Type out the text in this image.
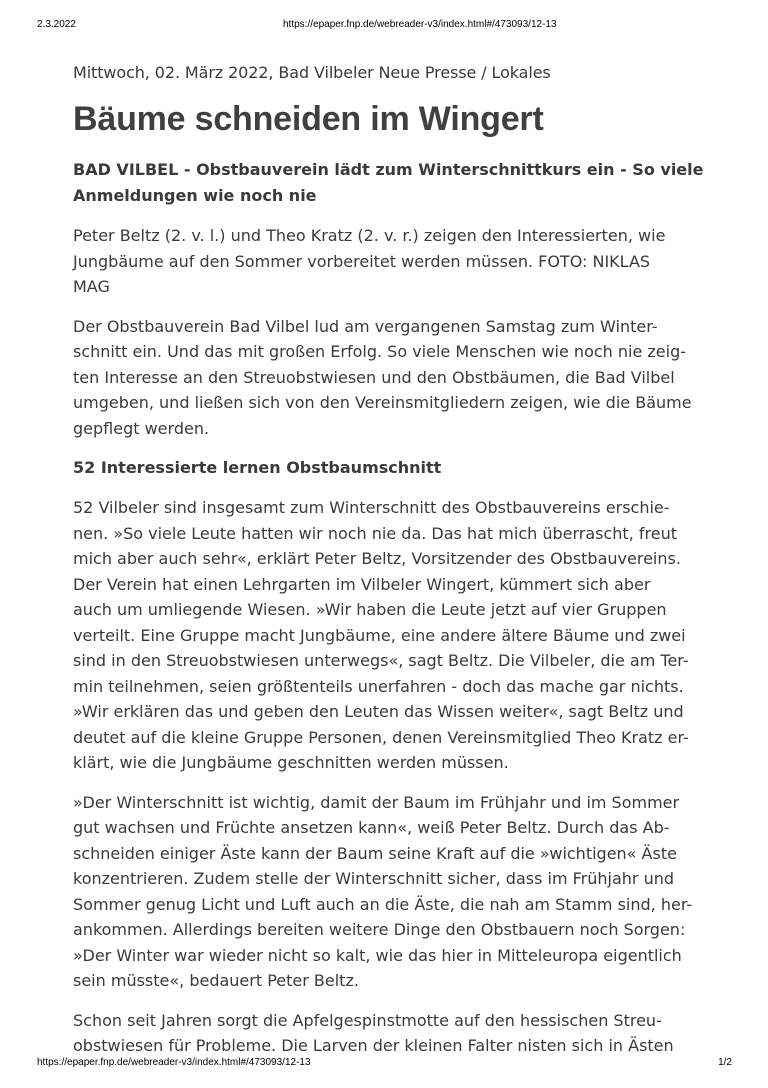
2.3.2022	https://epaper.fnp.de/webreader-v3/index.html#/473093/12-13

Mittwoch, 02. März 2022, Bad Vilbeler Neue Presse / Lokales

Bäume schneiden im Wingert

BAD VILBEL - Obstbauverein lädt zum Winterschnittkurs ein - So viele
Anmeldungen wie noch nie

Peter Beltz (2. v. l.) und Theo Kratz (2. v. r.) zeigen den Interessierten, wie
Jungbäume auf den Sommer vorbereitet werden müssen. FOTO: NIKLAS
MAG

Der Obstbauverein Bad Vilbel lud am vergangenen Samstag zum Winter-
schnitt ein. Und das mit großen Erfolg. So viele Menschen wie noch nie zeig-
ten Interesse an den Streuobstwiesen und den Obstbäumen, die Bad Vilbel
umgeben, und ließen sich von den Vereinsmitgliedern zeigen, wie die Bäume
gepflegt werden.

52 Interessierte lernen Obstbaumschnitt

52 Vilbeler sind insgesamt zum Winterschnitt des Obstbauvereins erschie-
nen. »So viele Leute hatten wir noch nie da. Das hat mich überrascht, freut
mich aber auch sehr«, erklärt Peter Beltz, Vorsitzender des Obstbauvereins.
Der Verein hat einen Lehrgarten im Vilbeler Wingert, kümmert sich aber
auch um umliegende Wiesen. »Wir haben die Leute jetzt auf vier Gruppen
verteilt. Eine Gruppe macht Jungbäume, eine andere ältere Bäume und zwei
sind in den Streuobstwiesen unterwegs«, sagt Beltz. Die Vilbeler, die am Ter-
min teilnehmen, seien größtenteils unerfahren - doch das mache gar nichts.
»Wir erklären das und geben den Leuten das Wissen weiter«, sagt Beltz und
deutet auf die kleine Gruppe Personen, denen Vereinsmitglied Theo Kratz er-
klärt, wie die Jungbäume geschnitten werden müssen.

»Der Winterschnitt ist wichtig, damit der Baum im Frühjahr und im Sommer
gut wachsen und Früchte ansetzen kann«, weiß Peter Beltz. Durch das Ab-
schneiden einiger Äste kann der Baum seine Kraft auf die »wichtigen« Äste
konzentrieren. Zudem stelle der Winterschnitt sicher, dass im Frühjahr und
Sommer genug Licht und Luft auch an die Äste, die nah am Stamm sind, her-
ankommen. Allerdings bereiten weitere Dinge den Obstbauern noch Sorgen:
»Der Winter war wieder nicht so kalt, wie das hier in Mitteleuropa eigentlich
sein müsste«, bedauert Peter Beltz.

Schon seit Jahren sorgt die Apfelgespinstmotte auf den hessischen Streu-
obstwiesen für Probleme. Die Larven der kleinen Falter nisten sich in Ästen

https://epaper.fnp.de/webreader-v3/index.html#/473093/12-13	1/2
